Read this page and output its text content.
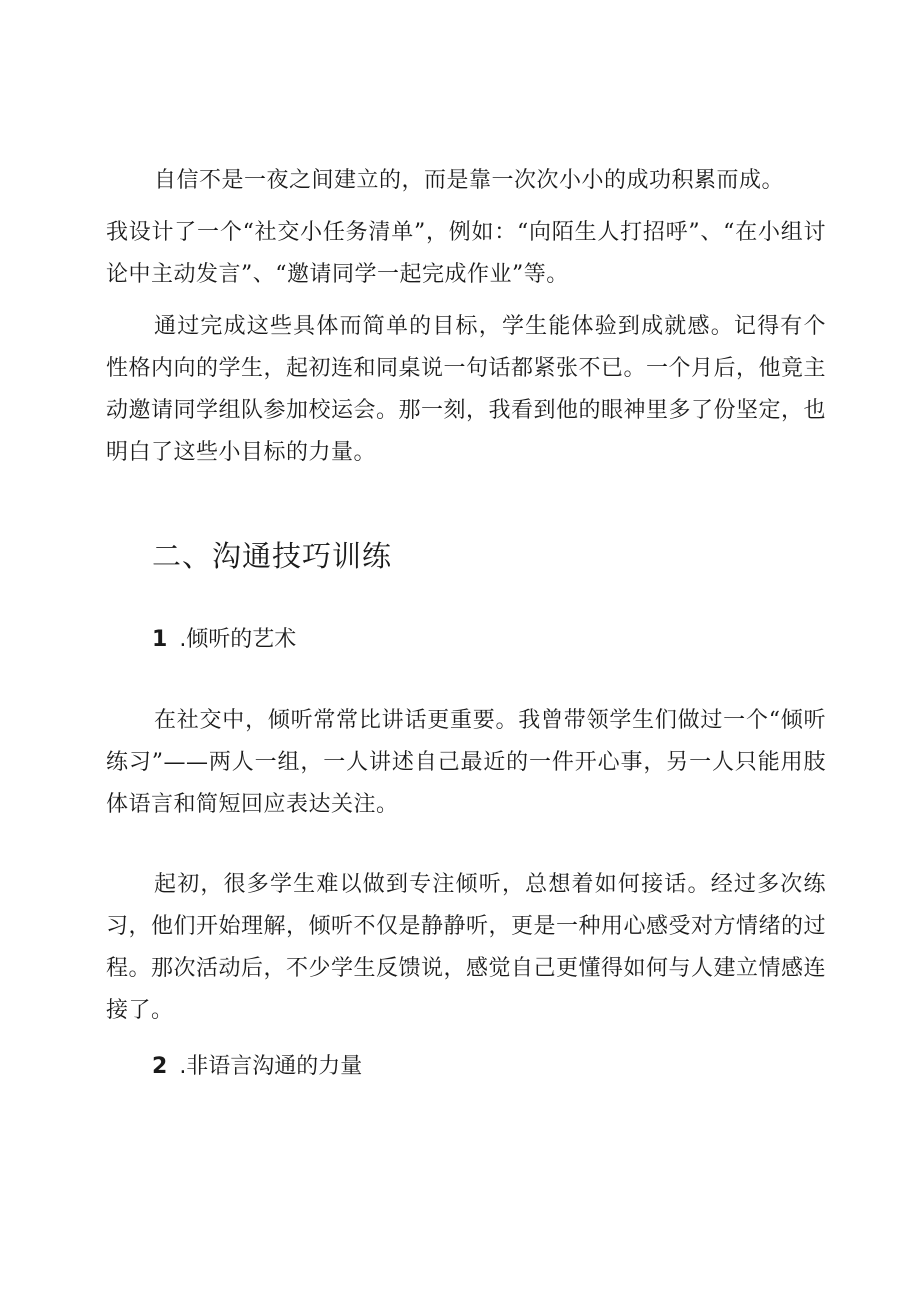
自信不是一夜之间建立的，而是靠一次次小小的成功积累而成。

我设计了一个“社交小任务清单”，例如：“向陌生人打招呼”、“在小组讨论中主动发言”、“邀请同学一起完成作业”等。

通过完成这些具体而简单的目标，学生能体验到成就感。记得有个性格内向的学生，起初连和同桌说一句话都紧张不已。一个月后，他竟主动邀请同学组队参加校运会。那一刻，我看到他的眼神里多了份坚定，也明白了这些小目标的力量。

二、沟通技巧训练
1 .倾听的艺术

在社交中，倾听常常比讲话更重要。我曾带领学生们做过一个“倾听练习”——两人一组，一人讲述自己最近的一件开心事，另一人只能用肢体语言和简短回应表达关注。

起初，很多学生难以做到专注倾听，总想着如何接话。经过多次练习，他们开始理解，倾听不仅是静静听，更是一种用心感受对方情绪的过程。那次活动后，不少学生反馈说，感觉自己更懂得如何与人建立情感连接了。

2 .非语言沟通的力量
